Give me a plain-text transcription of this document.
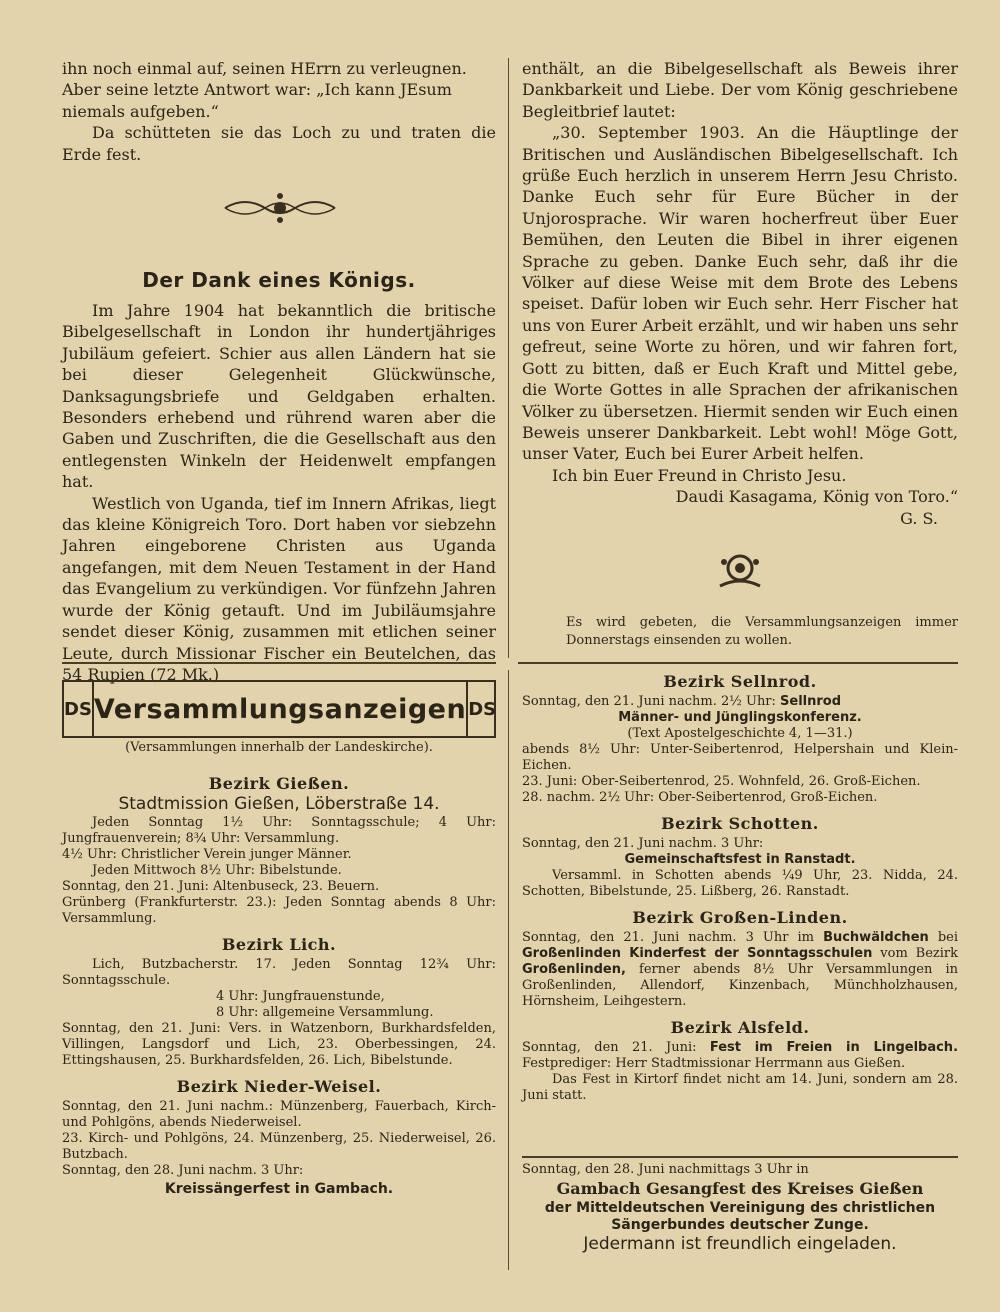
ihn noch einmal auf, seinen HErrn zu verleugnen.

Aber seine letzte Antwort war: „Ich kann JEsum

niemals aufgeben.“

Da schütteten sie das Loch zu und traten die Erde fest.

Der Dank eines Königs.

Im Jahre 1904 hat bekanntlich die britische Bibelgesellschaft in London ihr hundertjähriges Jubiläum gefeiert. Schier aus allen Ländern hat sie bei dieser Gelegenheit Glückwünsche, Danksagungsbriefe und Geldgaben erhalten. Besonders erhebend und rührend waren aber die Gaben und Zuschriften, die die Gesellschaft aus den entlegensten Winkeln der Heidenwelt empfangen hat.

Westlich von Uganda, tief im Innern Afrikas, liegt das kleine Königreich Toro. Dort haben vor siebzehn Jahren eingeborene Christen aus Uganda angefangen, mit dem Neuen Testament in der Hand das Evangelium zu verkündigen. Vor fünfzehn Jahren wurde der König getauft. Und im Jubiläumsjahre sendet dieser König, zusammen mit etlichen seiner Leute, durch Missionar Fischer ein Beutelchen, das 54 Rupien (72 Mk.)

enthält, an die Bibelgesellschaft als Beweis ihrer Dankbarkeit und Liebe. Der vom König geschriebene Begleitbrief lautet:

„30. September 1903. An die Häuptlinge der Britischen und Ausländischen Bibelgesellschaft. Ich grüße Euch herzlich in unserem Herrn Jesu Christo. Danke Euch sehr für Eure Bücher in der Unjorosprache. Wir waren hocherfreut über Euer Bemühen, den Leuten die Bibel in ihrer eigenen Sprache zu geben. Danke Euch sehr, daß ihr die Völker auf diese Weise mit dem Brote des Lebens speiset. Dafür loben wir Euch sehr. Herr Fischer hat uns von Eurer Arbeit erzählt, und wir haben uns sehr gefreut, seine Worte zu hören, und wir fahren fort, Gott zu bitten, daß er Euch Kraft und Mittel gebe, die Worte Gottes in alle Sprachen der afrikanischen Völker zu übersetzen. Hiermit senden wir Euch einen Beweis unserer Dankbarkeit. Lebt wohl! Möge Gott, unser Vater, Euch bei Eurer Arbeit helfen.

Ich bin Euer Freund in Christo Jesu.

Daudi Kasagama, König von Toro.“

G. S.

Es wird gebeten, die Versammlungsanzeigen immer Donnerstags einsenden zu wollen.
DS Versammlungsanzeigen DS
(Versammlungen innerhalb der Landeskirche).
Bezirk Gießen.
Stadtmission Gießen, Löberstraße 14.

Jeden Sonntag 1½ Uhr: Sonntagsschule; 4 Uhr: Jungfrauenverein; 8¾ Uhr: Versammlung.

4½ Uhr: Christlicher Verein junger Männer.

Jeden Mittwoch 8½ Uhr: Bibelstunde.

Sonntag, den 21. Juni: Altenbuseck, 23. Beuern.

Grünberg (Frankfurterstr. 23.): Jeden Sonntag abends 8 Uhr: Versammlung.

Bezirk Lich.

Lich, Butzbacherstr. 17. Jeden Sonntag 12¾ Uhr: Sonntagsschule.

4 Uhr: Jungfrauenstunde,

8 Uhr: allgemeine Versammlung.

Sonntag, den 21. Juni: Vers. in Watzenborn, Burkhardsfelden, Villingen, Langsdorf und Lich, 23. Oberbessingen, 24. Ettingshausen, 25. Burkhardsfelden, 26. Lich, Bibelstunde.

Bezirk Nieder-Weisel.

Sonntag, den 21. Juni nachm.: Münzenberg, Fauerbach, Kirch- und Pohlgöns, abends Niederweisel.

23. Kirch- und Pohlgöns, 24. Münzenberg, 25. Niederweisel, 26. Butzbach.

Sonntag, den 28. Juni nachm. 3 Uhr:

Kreissängerfest in Gambach.

Bezirk Sellnrod.

Sonntag, den 21. Juni nachm. 2½ Uhr: Sellnrod

Männer- und Jünglingskonferenz.

(Text Apostelgeschichte 4, 1—31.)

abends 8½ Uhr: Unter-Seibertenrod, Helpershain und Klein-Eichen.

23. Juni: Ober-Seibertenrod, 25. Wohnfeld, 26. Groß-Eichen.

28. nachm. 2½ Uhr: Ober-Seibertenrod, Groß-Eichen.

Bezirk Schotten.

Sonntag, den 21. Juni nachm. 3 Uhr:

Gemeinschaftsfest in Ranstadt.

Versamml. in Schotten abends ¼9 Uhr, 23. Nidda, 24. Schotten, Bibelstunde, 25. Lißberg, 26. Ranstadt.

Bezirk Großen-Linden.

Sonntag, den 21. Juni nachm. 3 Uhr im Buchwäldchen bei Großenlinden Kinderfest der Sonntagsschulen vom Bezirk Großenlinden, ferner abends 8½ Uhr Versammlungen in Großenlinden, Allendorf, Kinzenbach, Münchholzhausen, Hörnsheim, Leihgestern.

Bezirk Alsfeld.

Sonntag, den 21. Juni: Fest im Freien in Lingelbach. Festprediger: Herr Stadtmissionar Herrmann aus Gießen.

Das Fest in Kirtorf findet nicht am 14. Juni, sondern am 28. Juni statt.

Sonntag, den 28. Juni nachmittags 3 Uhr in

Gambach Gesangfest des Kreises Gießen

der Mitteldeutschen Vereinigung des christlichen Sängerbundes deutscher Zunge.

Jedermann ist freundlich eingeladen.
